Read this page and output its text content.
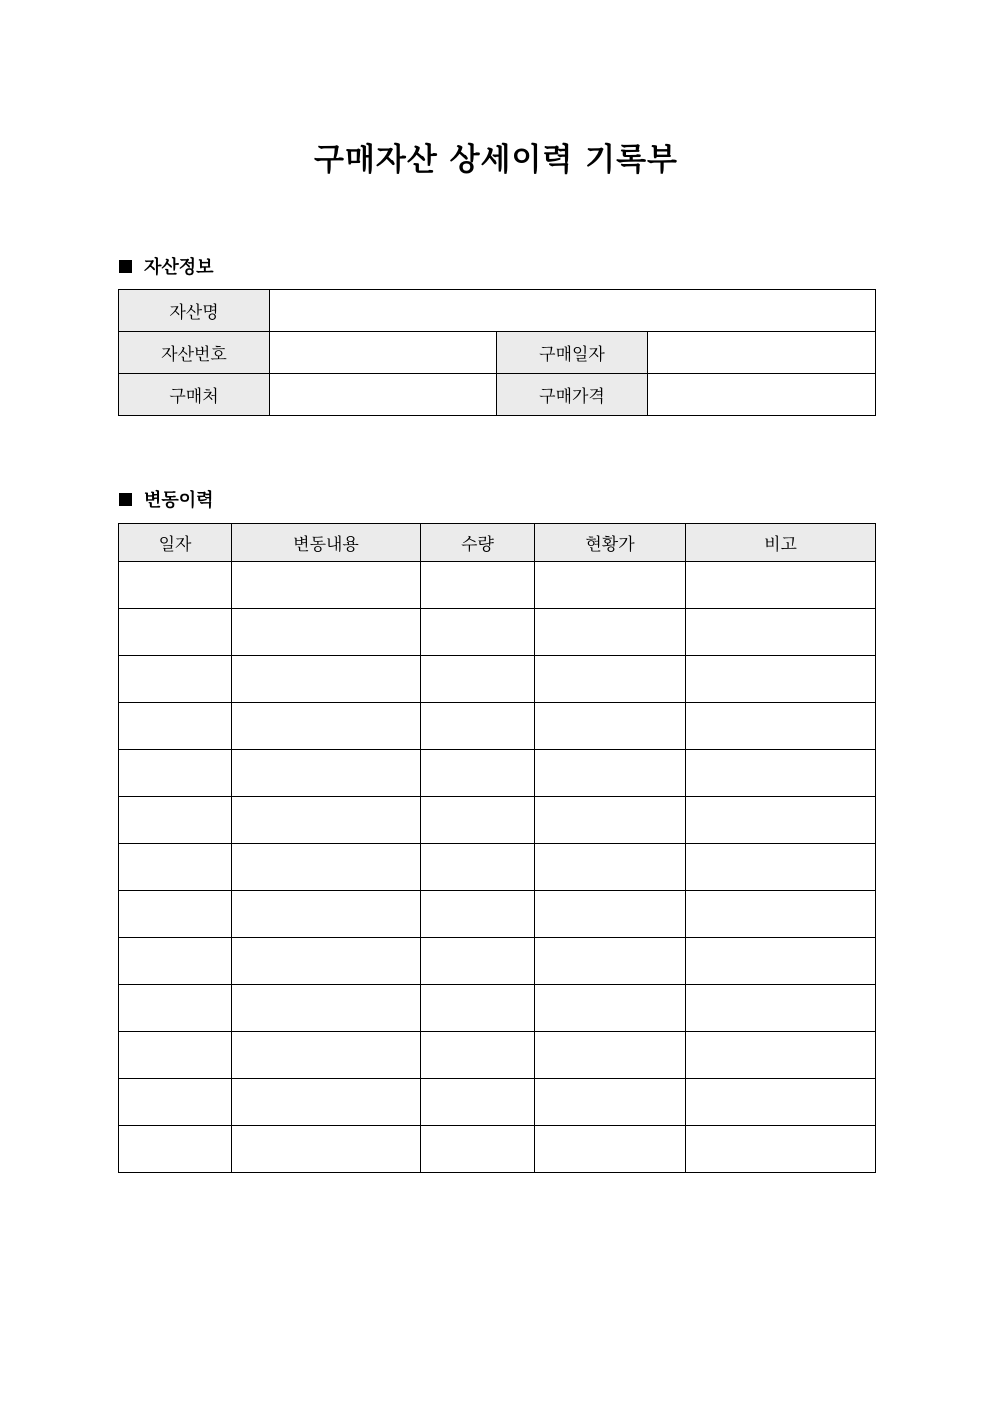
구매자산 상세이력 기록부
자산정보
자산명			
자산번호		구매일자	
구매처		구매가격	
변동이력
일자	변동내용	수량	현황가	비고
